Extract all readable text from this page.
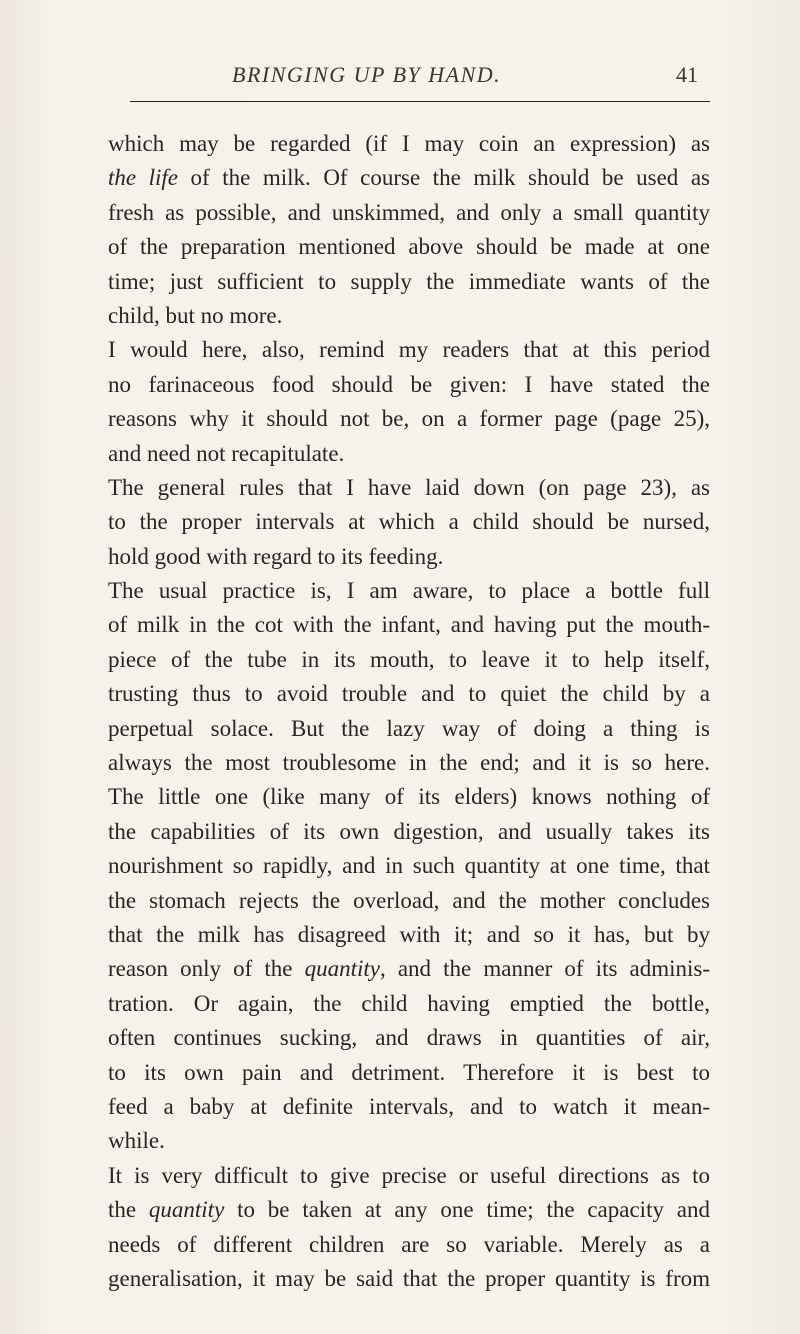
BRINGING UP BY HAND.	41
which may be regarded (if I may coin an expression) as
the life of the milk. Of course the milk should be used as
fresh as possible, and unskimmed, and only a small quantity
of the preparation mentioned above should be made at one
time; just sufficient to supply the immediate wants of the
child, but no more.
I would here, also, remind my readers that at this period
no farinaceous food should be given: I have stated the
reasons why it should not be, on a former page (page 25),
and need not recapitulate.
The general rules that I have laid down (on page 23), as
to the proper intervals at which a child should be nursed,
hold good with regard to its feeding.
The usual practice is, I am aware, to place a bottle full
of milk in the cot with the infant, and having put the mouth-
piece of the tube in its mouth, to leave it to help itself,
trusting thus to avoid trouble and to quiet the child by a
perpetual solace. But the lazy way of doing a thing is
always the most troublesome in the end; and it is so here.
The little one (like many of its elders) knows nothing of
the capabilities of its own digestion, and usually takes its
nourishment so rapidly, and in such quantity at one time, that
the stomach rejects the overload, and the mother concludes
that the milk has disagreed with it; and so it has, but by
reason only of the quantity, and the manner of its adminis-
tration. Or again, the child having emptied the bottle,
often continues sucking, and draws in quantities of air,
to its own pain and detriment. Therefore it is best to
feed a baby at definite intervals, and to watch it mean-
while.
It is very difficult to give precise or useful directions as to
the quantity to be taken at any one time; the capacity and
needs of different children are so variable. Merely as a
generalisation, it may be said that the proper quantity is from
